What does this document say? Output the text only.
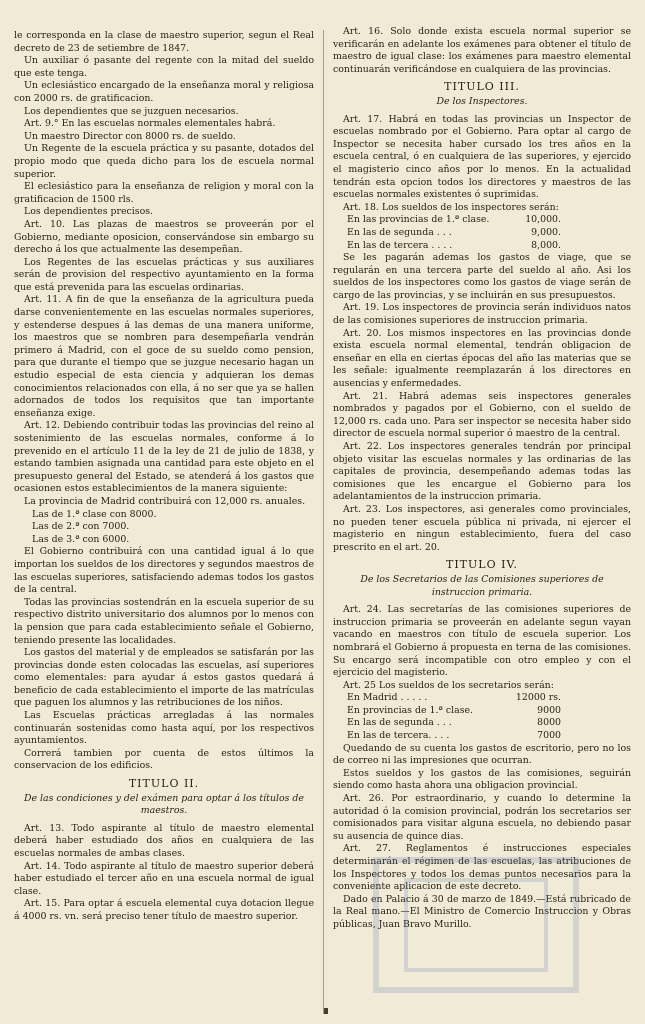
le corresponda en la clase de maestro superior, segun el Real decreto de 23 de setiembre de 1847.

Un auxiliar ó pasante del regente con la mitad del sueldo que este tenga.

Un eclesiástico encargado de la enseñanza moral y religiosa con 2000 rs. de gratificacion.

Los dependientes que se juzguen necesarios.

Art. 9.° En las escuelas normales elementales habrá.

Un maestro Director con 8000 rs. de sueldo.

Un Regente de la escuela práctica y su pasante, dotados del propio modo que queda dicho para los de escuela normal superior.

El eclesiástico para la enseñanza de religion y moral con la gratificacion de 1500 rls.

Los dependientes precisos.

Art. 10. Las plazas de maestros se proveerán por el Gobierno, mediante oposicion, conservándose sin embargo su derecho á los que actualmente las desempeñan.

Los Regentes de las escuelas prácticas y sus auxiliares serán de provision del respectivo ayuntamiento en la forma que está prevenida para las escuelas ordinarias.

Art. 11. A fin de que la enseñanza de la agricultura pueda darse convenientemente en las escuelas normales superiores, y estenderse despues á las demas de una manera uniforme, los maestros que se nombren para desempeñarla vendrán primero á Madrid, con el goce de su sueldo como pension, para que durante el tiempo que se juzgue necesario hagan un estudio especial de esta ciencia y adquieran los demas conocimientos relacionados con ella, á no ser que ya se hallen adornados de todos los requisitos que tan importante enseñanza exige.

Art. 12. Debiendo contribuir todas las provincias del reino al sostenimiento de las escuelas normales, conforme á lo prevenido en el artículo 11 de la ley de 21 de julio de 1838, y estando tambien asignada una cantidad para este objeto en el presupuesto general del Estado, se atenderá á los gastos que ocasionen estos establecimientos de la manera siguiente:

La provincia de Madrid contribuirá con 12,000 rs. anuales.

Las de 1.ª clase con 8000.

Las de 2.ª con 7000.

Las de 3.ª con 6000.

El Gobierno contribuirá con una cantidad igual á lo que importan los sueldos de los directores y segundos maestros de las escuelas superiores, satisfaciendo ademas todos los gastos de la central.

Todas las provincias sostendrán en la escuela superior de su respectivo distrito universitario dos alumnos por lo menos con la pension que para cada establecimiento señale el Gobierno, teniendo presente las localidades.

Los gastos del material y de empleados se satisfarán por las provincias donde esten colocadas las escuelas, así superiores como elementales: para ayudar á estos gastos quedará á beneficio de cada establecimiento el importe de las matrículas que paguen los alumnos y las retribuciones de los niños.

Las Escuelas prácticas arregladas á las normales continuarán sostenidas como hasta aquí, por los respectivos ayuntamientos.

Correrá tambien por cuenta de estos últimos la conservacion de los edificios.

TITULO II.

De las condiciones y del exámen para optar á los títulos de maestros.

Art. 13. Todo aspirante al título de maestro elemental deberá haber estudiado dos años en cualquiera de las escuelas normales de ambas clases.

Art. 14. Todo aspirante al título de maestro superior deberá haber estudiado el tercer año en una escuela normal de igual clase.

Art. 15. Para optar á escuela elemental cuya dotacion llegue á 4000 rs. vn. será preciso tener título de maestro superior.

Art. 16. Solo donde exista escuela normal superior se verificarán en adelante los exámenes para obtener el título de maestro de igual clase: los exámenes para maestro elemental continuarán verificándose en cualquiera de las provincias.

TITULO III.

De los Inspectores.

Art. 17. Habrá en todas las provincias un Inspector de escuelas nombrado por el Gobierno. Para optar al cargo de Inspector se necesita haber cursado los tres años en la escuela central, ó en cualquiera de las superiores, y ejercido el magisterio cinco años por lo menos. En la actualidad tendrán esta opcion todos los directores y maestros de las escuelas normales existentes ó suprimidas.

Art. 18. Los sueldos de los inspectores serán:

En las provincias de 1.ª clase.	10,000.
En las de segunda . . .	9,000.
En las de tercera . . . .	8,000.

Se les pagarán ademas los gastos de viage, que se regularán en una tercera parte del sueldo al año. Asi los sueldos de los inspectores como los gastos de viage serán de cargo de las provincias, y se incluirán en sus presupuestos.

Art. 19. Los inspectores de provincia serán individuos natos de las comisiones superiores de instruccion primaria.

Art. 20. Los mismos inspectores en las provincias donde exista escuela normal elemental, tendrán obligacion de enseñar en ella en ciertas épocas del año las materias que se les señale: igualmente reemplazarán á los directores en ausencias y enfermedades.

Art. 21. Habrá ademas seis inspectores generales nombrados y pagados por el Gobierno, con el sueldo de 12,000 rs. cada uno. Para ser inspector se necesita haber sido director de escuela normal superior ó maestro de la central.

Art. 22. Los inspectores generales tendrán por principal objeto visitar las escuelas normales y las ordinarias de las capitales de provincia, desempeñando ademas todas las comisiones que les encargue el Gobierno para los adelantamientos de la instruccion primaria.

Art. 23. Los inspectores, asi generales como provinciales, no pueden tener escuela pública ni privada, ni ejercer el magisterio en ningun establecimiento, fuera del caso prescrito en el art. 20.

TITULO IV.

De los Secretarios de las Comisiones superiores de instruccion primaria.

Art. 24. Las secretarías de las comisiones superiores de instruccion primaria se proveerán en adelante segun vayan vacando en maestros con título de escuela superior. Los nombrará el Gobierno á propuesta en terna de las comisiones. Su encargo será incompatible con otro empleo y con el ejercicio del magisterio.

Art. 25 Los sueldos de los secretarios serán:

En Madrid . . . . .	12000 rs.
En provincias de 1.ª clase.	9000
En las de segunda . . .	8000
En las de tercera. . . .	7000

Quedando de su cuenta los gastos de escritorio, pero no los de correo ni las impresiones que ocurran.

Estos sueldos y los gastos de las comisiones, seguirán siendo como hasta ahora una obligacion provincial.

Art. 26. Por estraordinario, y cuando lo determine la autoridad ó la comision provincial, podrán los secretarios ser comisionados para visitar alguna escuela, no debiendo pasar su ausencia de quince dias.

Art. 27. Reglamentos é instrucciones especiales determinarán el régimen de las escuelas, las atribuciones de los Inspectores y todos los demas puntos necesarios para la conveniente aplicacion de este decreto.

Dado en Palacio á 30 de marzo de 1849.—Está rubricado de la Real mano.—El Ministro de Comercio Instruccion y Obras públicas, Juan Bravo Murillo.
